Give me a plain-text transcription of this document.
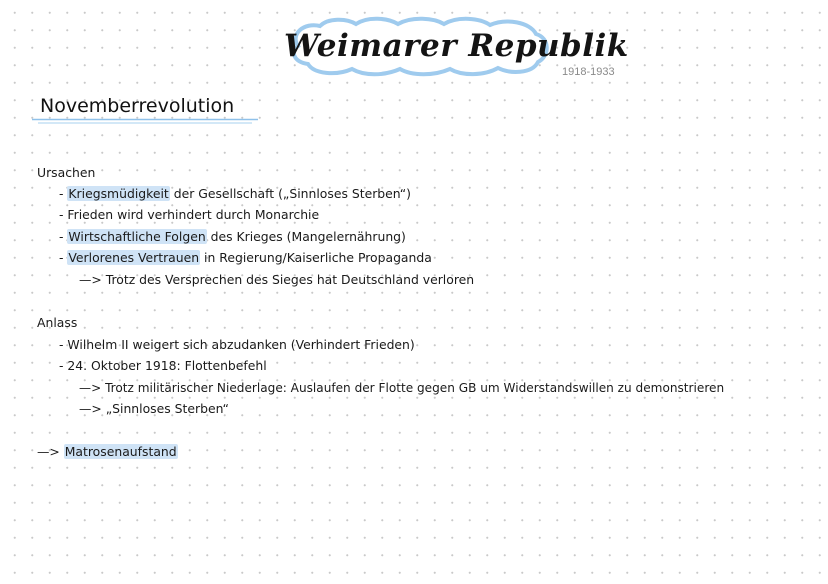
Weimarer Republik
1918-1933
Novemberrevolution
Ursachen
- Kriegsmüdigkeit der Gesellschaft („Sinnloses Sterben“)
- Frieden wird verhindert durch Monarchie
- Wirtschaftliche Folgen des Krieges (Mangelernährung)
- Verlorenes Vertrauen in Regierung/Kaiserliche Propaganda
—> Trotz des Versprechen des Sieges hat Deutschland verloren
Anlass
- Wilhelm II weigert sich abzudanken (Verhindert Frieden)
- 24. Oktober 1918: Flottenbefehl
—> Trotz militärischer Niederlage: Auslaufen der Flotte gegen GB um Widerstandswillen zu demonstrieren
—> „Sinnloses Sterben“
—> Matrosenaufstand
